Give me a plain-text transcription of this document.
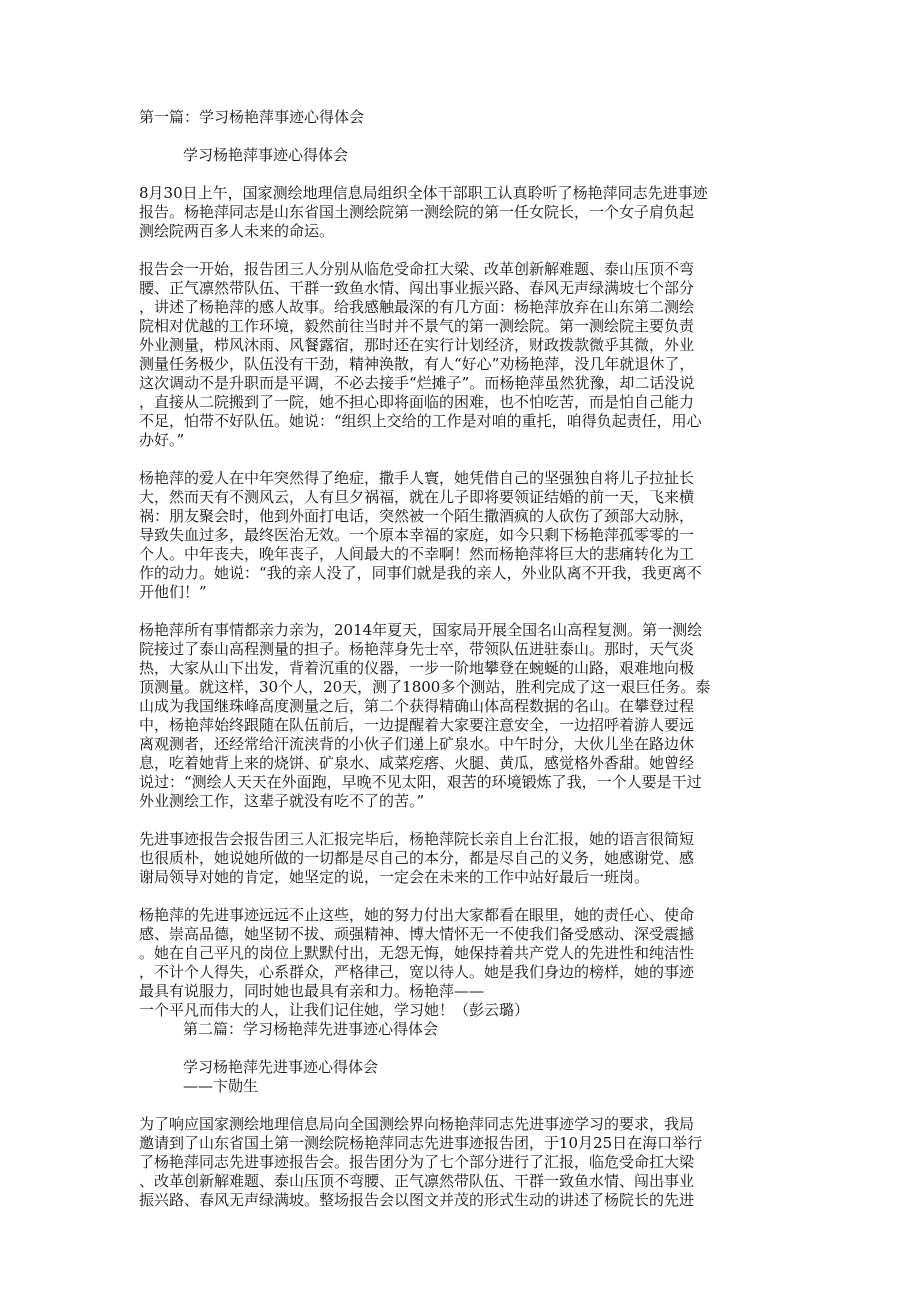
第一篇：学习杨艳萍事迹心得体会
学习杨艳萍事迹心得体会
8月30日上午，国家测绘地理信息局组织全体干部职工认真聆听了杨艳萍同志先进事迹
报告。杨艳萍同志是山东省国土测绘院第一测绘院的第一任女院长，一个女子肩负起
测绘院两百多人未来的命运。
报告会一开始，报告团三人分别从临危受命扛大梁、改革创新解难题、泰山压顶不弯
腰、正气凛然带队伍、干群一致鱼水情、闯出事业振兴路、春风无声绿满坡七个部分
，讲述了杨艳萍的感人故事。给我感触最深的有几方面：杨艳萍放弃在山东第二测绘
院相对优越的工作环境，毅然前往当时并不景气的第一测绘院。第一测绘院主要负责
外业测量，栉风沐雨、风餐露宿，那时还在实行计划经济，财政拨款微乎其微，外业
测量任务极少，队伍没有干劲，精神涣散，有人“好心”劝杨艳萍，没几年就退休了，
这次调动不是升职而是平调，不必去接手“烂摊子”。而杨艳萍虽然犹豫，却二话没说
，直接从二院搬到了一院，她不担心即将面临的困难，也不怕吃苦，而是怕自己能力
不足，怕带不好队伍。她说：“组织上交给的工作是对咱的重托，咱得负起责任，用心
办好。”
杨艳萍的爱人在中年突然得了绝症，撒手人寰，她凭借自己的坚强独自将儿子拉扯长
大，然而天有不测风云，人有旦夕祸福，就在儿子即将要领证结婚的前一天，飞来横
祸：朋友聚会时，他到外面打电话，突然被一个陌生撒酒疯的人砍伤了颈部大动脉，
导致失血过多，最终医治无效。一个原本幸福的家庭，如今只剩下杨艳萍孤零零的一
个人。中年丧夫，晚年丧子，人间最大的不幸啊！然而杨艳萍将巨大的悲痛转化为工
作的动力。她说：“我的亲人没了，同事们就是我的亲人，外业队离不开我，我更离不
开他们！”
杨艳萍所有事情都亲力亲为，2014年夏天，国家局开展全国名山高程复测。第一测绘
院接过了泰山高程测量的担子。杨艳萍身先士卒，带领队伍进驻泰山。那时，天气炎
热，大家从山下出发，背着沉重的仪器，一步一阶地攀登在蜿蜒的山路，艰难地向极
顶测量。就这样，30个人，20天，测了1800多个测站，胜利完成了这一艰巨任务。泰
山成为我国继珠峰高度测量之后，第二个获得精确山体高程数据的名山。在攀登过程
中，杨艳萍始终跟随在队伍前后，一边提醒着大家要注意安全，一边招呼着游人要远
离观测者，还经常给汗流浃背的小伙子们递上矿泉水。中午时分，大伙儿坐在路边休
息，吃着她背上来的烧饼、矿泉水、咸菜疙瘩、火腿、黄瓜，感觉格外香甜。她曾经
说过：“测绘人天天在外面跑，早晚不见太阳，艰苦的环境锻炼了我，一个人要是干过
外业测绘工作，这辈子就没有吃不了的苦。”
先进事迹报告会报告团三人汇报完毕后，杨艳萍院长亲自上台汇报，她的语言很简短
也很质朴，她说她所做的一切都是尽自己的本分，都是尽自己的义务，她感谢党、感
谢局领导对她的肯定，她坚定的说，一定会在未来的工作中站好最后一班岗。
杨艳萍的先进事迹远远不止这些，她的努力付出大家都看在眼里，她的责任心、使命
感、崇高品德，她坚韧不拔、顽强精神、博大情怀无一不使我们备受感动、深受震撼
。她在自己平凡的岗位上默默付出，无怨无悔，她保持着共产党人的先进性和纯洁性
，不计个人得失，心系群众，严格律己，宽以待人。她是我们身边的榜样，她的事迹
最具有说服力，同时她也最具有亲和力。杨艳萍——
一个平凡而伟大的人，让我们记住她，学习她！（彭云璐）
第二篇：学习杨艳萍先进事迹心得体会
学习杨艳萍先进事迹心得体会
——卞勋生
为了响应国家测绘地理信息局向全国测绘界向杨艳萍同志先进事迹学习的要求，我局
邀请到了山东省国土第一测绘院杨艳萍同志先进事迹报告团，于10月25日在海口举行
了杨艳萍同志先进事迹报告会。报告团分为了七个部分进行了汇报，临危受命扛大梁
、改革创新解难题、泰山压顶不弯腰、正气凛然带队伍、干群一致鱼水情、闯出事业
振兴路、春风无声绿满坡。整场报告会以图文并茂的形式生动的讲述了杨院长的先进
